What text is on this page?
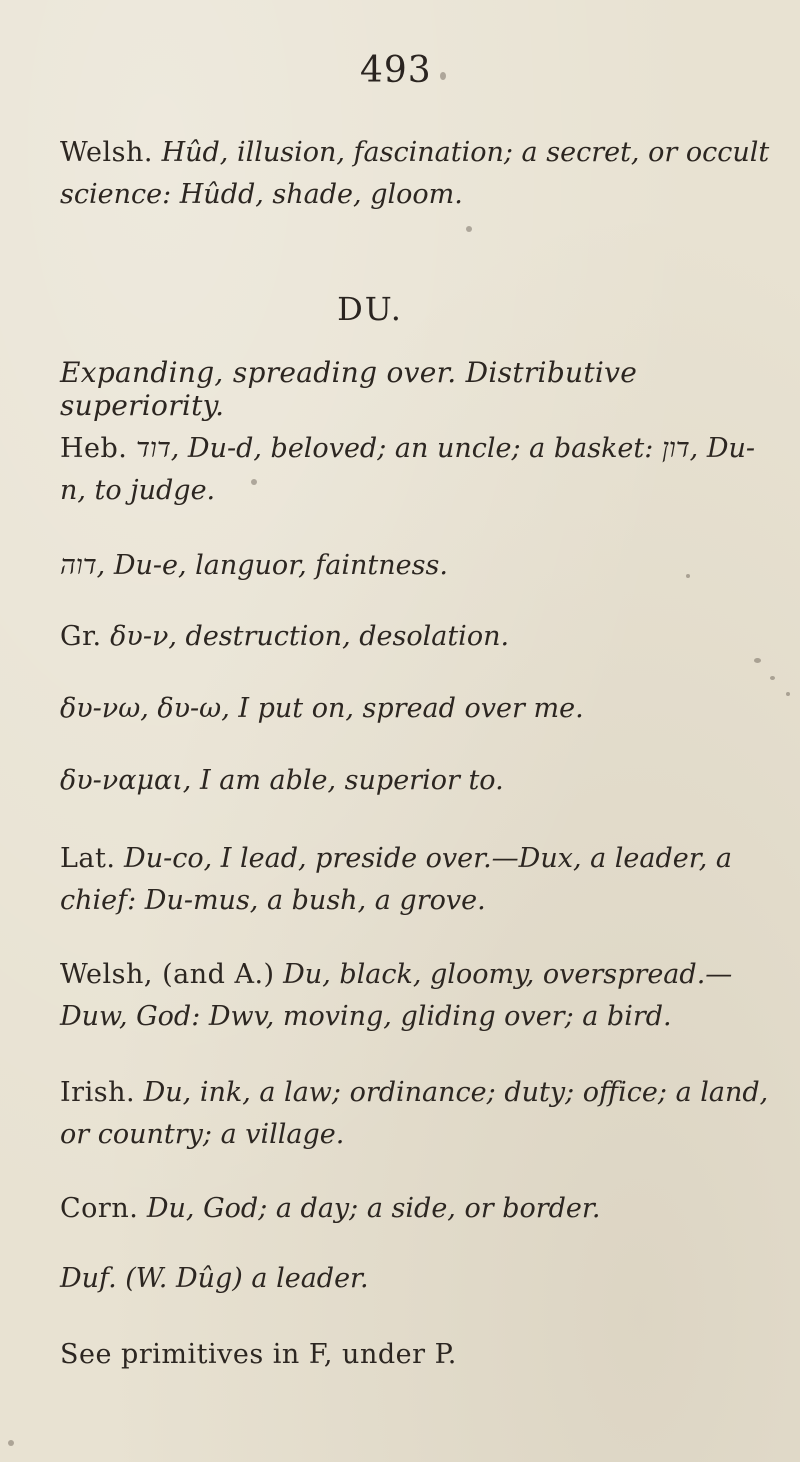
493
Welsh. Hûd, illusion, fascination; a secret, or occult science: Hûdd, shade, gloom.
DU.
Expanding, spreading over. Distributive superiority.
Heb. דוד, Du-d, beloved; an uncle; a basket: דון, Du-n, to judge.
דוה, Du-e, languor, faintness.
Gr. δυ-ν, destruction, desolation.
δυ-νω, δυ-ω, I put on, spread over me.
δυ-ναμαι, I am able, superior to.
Lat. Du-co, I lead, preside over.—Dux, a leader, a chief: Du-mus, a bush, a grove.
Welsh, (and A.) Du, black, gloomy, overspread.— Duw, God: Dwv, moving, gliding over; a bird.
Irish. Du, ink, a law; ordinance; duty; office; a land, or country; a village.
Corn. Du, God; a day; a side, or border.
Duf. (W. Dûg) a leader.
See primitives in F, under P.
